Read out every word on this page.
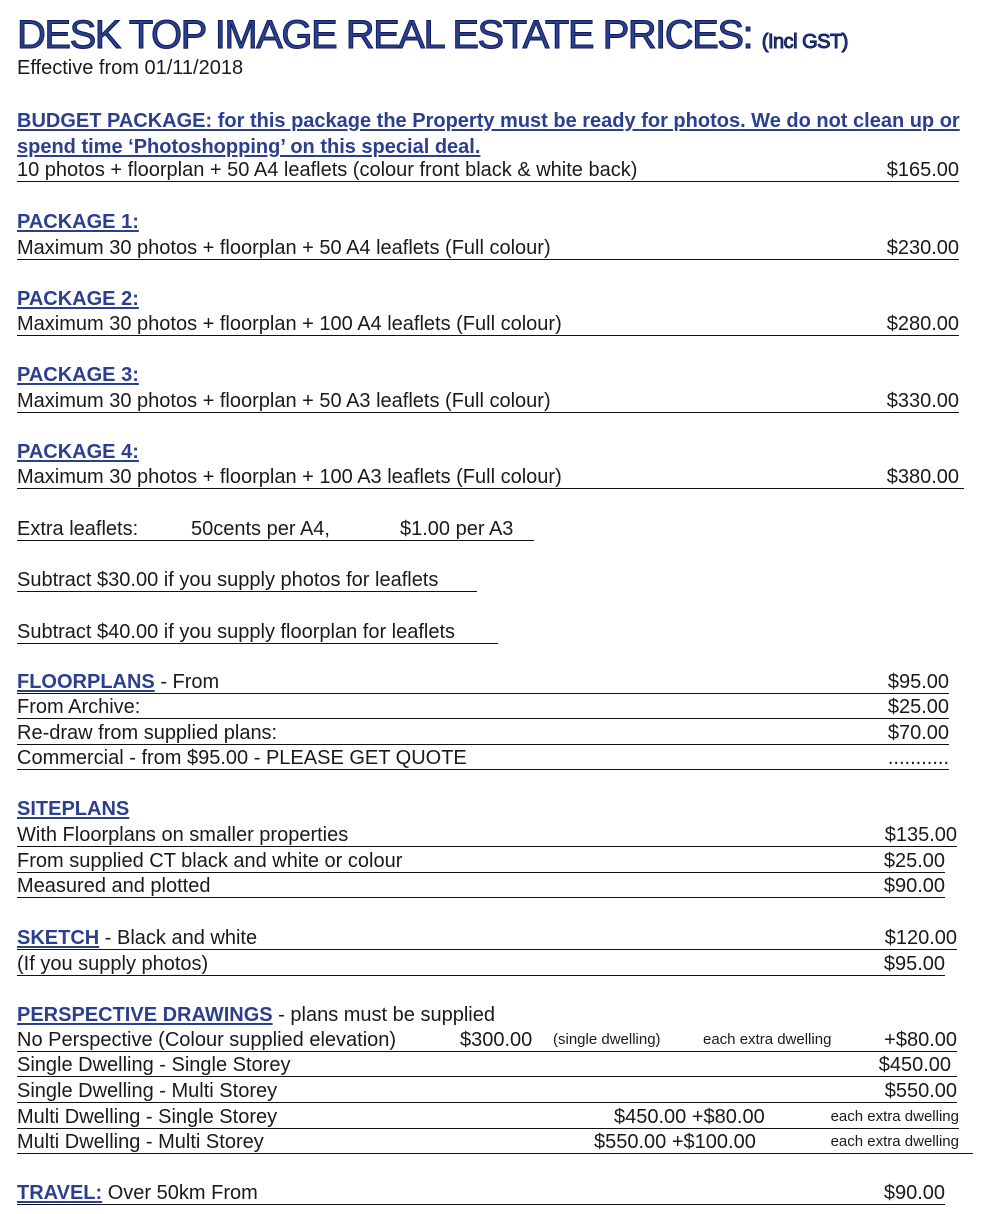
DESK TOP IMAGE REAL ESTATE PRICES: (Incl GST)
Effective from 01/11/2018
BUDGET PACKAGE: for this package the Property must be ready for photos. We do not clean up or spend time ‘Photoshopping’ on this special deal.
10 photos + floorplan + 50 A4 leaflets (colour front black & white back)	$165.00
PACKAGE 1:
Maximum 30 photos + floorplan + 50 A4 leaflets (Full colour)	$230.00
PACKAGE 2:
Maximum 30 photos + floorplan + 100 A4 leaflets (Full colour)	$280.00
PACKAGE 3:
Maximum 30 photos + floorplan + 50 A3 leaflets (Full colour)	$330.00
PACKAGE 4:
Maximum 30 photos + floorplan + 100 A3 leaflets (Full colour)	$380.00
Extra leaflets:	50cents per A4,	$1.00 per A3
Subtract $30.00 if you supply photos for leaflets
Subtract $40.00 if you supply floorplan for leaflets
FLOORPLANS - From	$95.00
From Archive:	$25.00
Re-draw from supplied plans:	$70.00
Commercial - from $95.00 - PLEASE GET QUOTE	...........
SITEPLANS
With Floorplans on smaller properties	$135.00
From supplied CT black and white or colour	$25.00
Measured and plotted	$90.00
SKETCH - Black and white	$120.00
(If you supply photos)	$95.00
PERSPECTIVE DRAWINGS - plans must be supplied
No Perspective (Colour supplied elevation)	$300.00 (single dwelling)	each extra dwelling	+$80.00
Single Dwelling - Single Storey	$450.00
Single Dwelling - Multi Storey	$550.00
Multi Dwelling - Single Storey	$450.00 +$80.00	each extra dwelling
Multi Dwelling - Multi Storey	$550.00 +$100.00	each extra dwelling
TRAVEL: Over 50km From	$90.00
